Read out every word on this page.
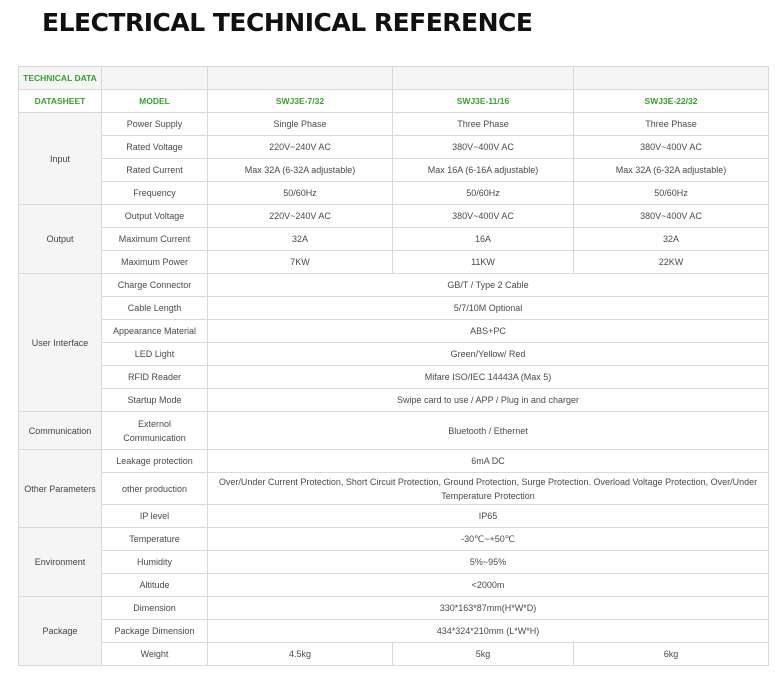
ELECTRICAL TECHNICAL REFERENCE
TECHNICAL DATA				
DATASHEET	MODEL	SWJ3E-7/32	SWJ3E-11/16	SWJ3E-22/32
Input	Power Supply	Single Phase	Three Phase	Three Phase
	Rated Voltage	220V~240V AC	380V~400V AC	380V~400V AC
	Rated Current	Max 32A (6-32A adjustable)	Max 16A (6-16A adjustable)	Max 32A (6-32A adjustable)
	Frequency	50/60Hz	50/60Hz	50/60Hz
Output	Output Voltage	220V~240V AC	380V~400V AC	380V~400V AC
	Maximum Current	32A	16A	32A
	Maximum Power	7KW	11KW	22KW
User Interface	Charge Connector	GB/T / Type 2 Cable		
	Cable Length	5/7/10M Optional		
	Appearance Material	ABS+PC		
	LED Light	Green/Yellow/ Red		
	RFID Reader	Mifare ISO/IEC 14443A (Max 5)		
	Startup Mode	Swipe card to use / APP / Plug in and charger		
Communication	Externol Communication	Bluetooth / Ethernet		
Other Parameters	Leakage protection	6mA DC		
	other production	Over/Under Current Protection, Short Circuit Protection, Ground Protection, Surge Protection. Overload Voltage Protection, Over/Under Temperature Protection		
	IP level	IP65		
Environment	Temperature	-30℃~+50℃		
	Humidity	5%~95%		
	Altitude	<2000m		
Package	Dimension	330*163*87mm(H*W*D)		
	Package Dimension	434*324*210mm (L*W*H)		
	Weight	4.5kg	5kg	6kg
